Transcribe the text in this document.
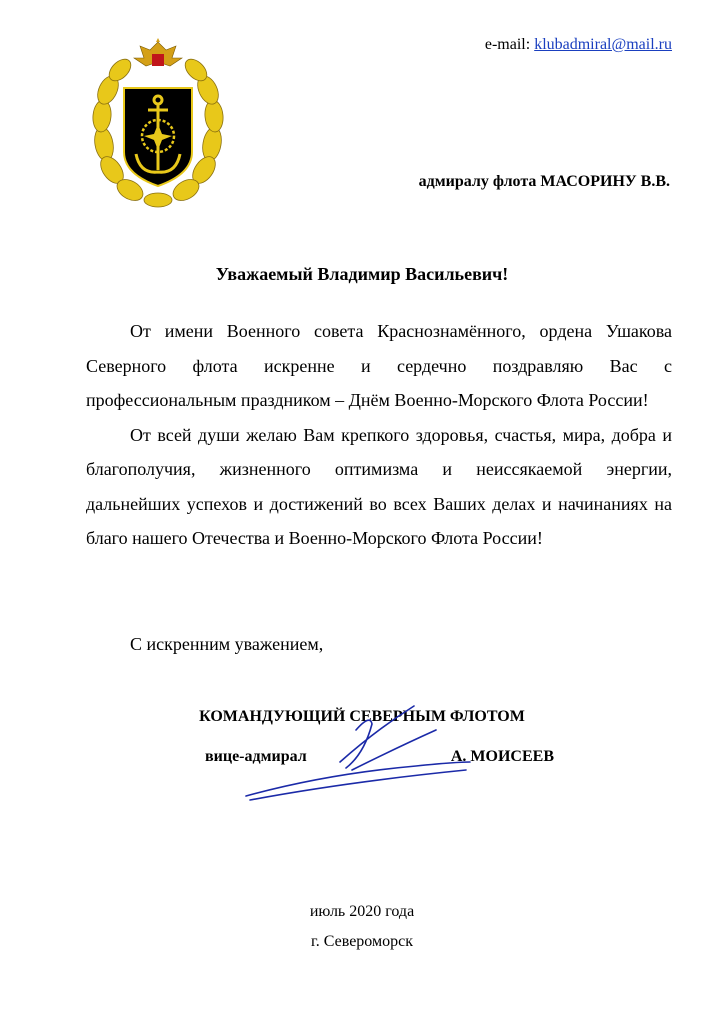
e-mail: klubadmiral@mail.ru
адмиралу флота МАСОРИНУ В.В.
Уважаемый Владимир Васильевич!

От имени Военного совета Краснознамённого, ордена Ушакова Северного флота искренне и сердечно поздравляю Вас с профессиональным праздником – Днём Военно-Морского Флота России!

От всей души желаю Вам крепкого здоровья, счастья, мира, добра и благополучия, жизненного оптимизма и неиссякаемой энергии, дальнейших успехов и достижений во всех Ваших делах и начинаниях на благо нашего Отечества и Военно-Морского Флота России!

С искренним уважением,
КОМАНДУЮЩИЙ СЕВЕРНЫМ ФЛОТОМ
вице-адмирал	А. МОИСЕЕВ
июль 2020 года
г. Североморск
